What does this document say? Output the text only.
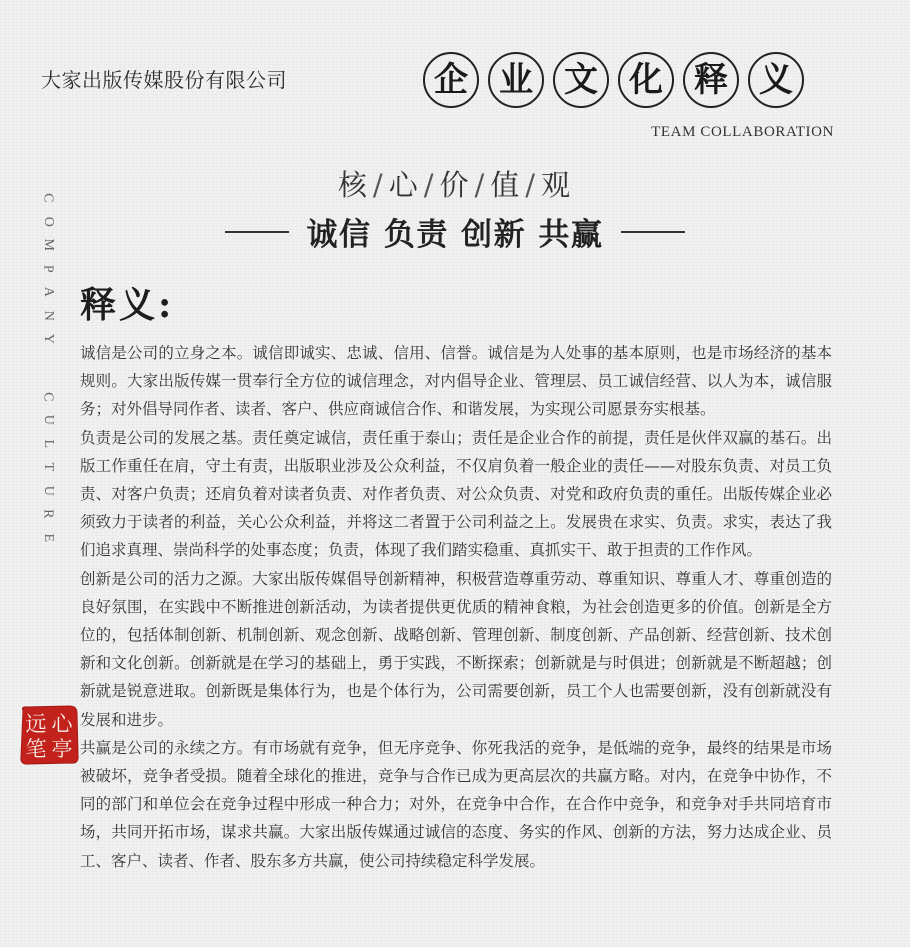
大家出版传媒股份有限公司	企 业 文 化 释 义
TEAM COLLABORATION
核 / 心 / 价 / 值 / 观
诚信 负责 创新 共赢
C
O
M
P
A
N
Y
C
U
L
T
U
R
E
释义:

诚信是公司的立身之本。诚信即诚实、忠诚、信用、信誉。诚信是为人处事的基本原则，也是市场经济的基本规则。大家出版传媒一贯奉行全方位的诚信理念，对内倡导企业、管理层、员工诚信经营、以人为本，诚信服务；对外倡导同作者、读者、客户、供应商诚信合作、和谐发展，为实现公司愿景夯实根基。

负责是公司的发展之基。责任奠定诚信，责任重于泰山；责任是企业合作的前提，责任是伙伴双赢的基石。出版工作重任在肩，守土有责，出版职业涉及公众利益，不仅肩负着一般企业的责任——对股东负责、对员工负责、对客户负责；还肩负着对读者负责、对作者负责、对公众负责、对党和政府负责的重任。出版传媒企业必须致力于读者的利益，关心公众利益，并将这二者置于公司利益之上。发展贵在求实、负责。求实，表达了我们追求真理、崇尚科学的处事态度；负责，体现了我们踏实稳重、真抓实干、敢于担责的工作作风。

创新是公司的活力之源。大家出版传媒倡导创新精神，积极营造尊重劳动、尊重知识、尊重人才、尊重创造的良好氛围，在实践中不断推进创新活动，为读者提供更优质的精神食粮，为社会创造更多的价值。创新是全方位的，包括体制创新、机制创新、观念创新、战略创新、管理创新、制度创新、产品创新、经营创新、技术创新和文化创新。创新就是在学习的基础上，勇于实践，不断探索；创新就是与时俱进；创新就是不断超越；创新就是锐意进取。创新既是集体行为，也是个体行为，公司需要创新，员工个人也需要创新，没有创新就没有发展和进步。

共赢是公司的永续之方。有市场就有竞争，但无序竞争、你死我活的竞争，是低端的竞争，最终的结果是市场被破坏，竞争者受损。随着全球化的推进，竞争与合作已成为更高层次的共赢方略。对内，在竞争中协作，不同的部门和单位会在竞争过程中形成一种合力；对外，在竞争中合作，在合作中竞争，和竞争对手共同培育市场，共同开拓市场，谋求共赢。大家出版传媒通过诚信的态度、务实的作风、创新的方法，努力达成企业、员工、客户、读者、作者、股东多方共赢，使公司持续稳定科学发展。

心
远
笔 亭
